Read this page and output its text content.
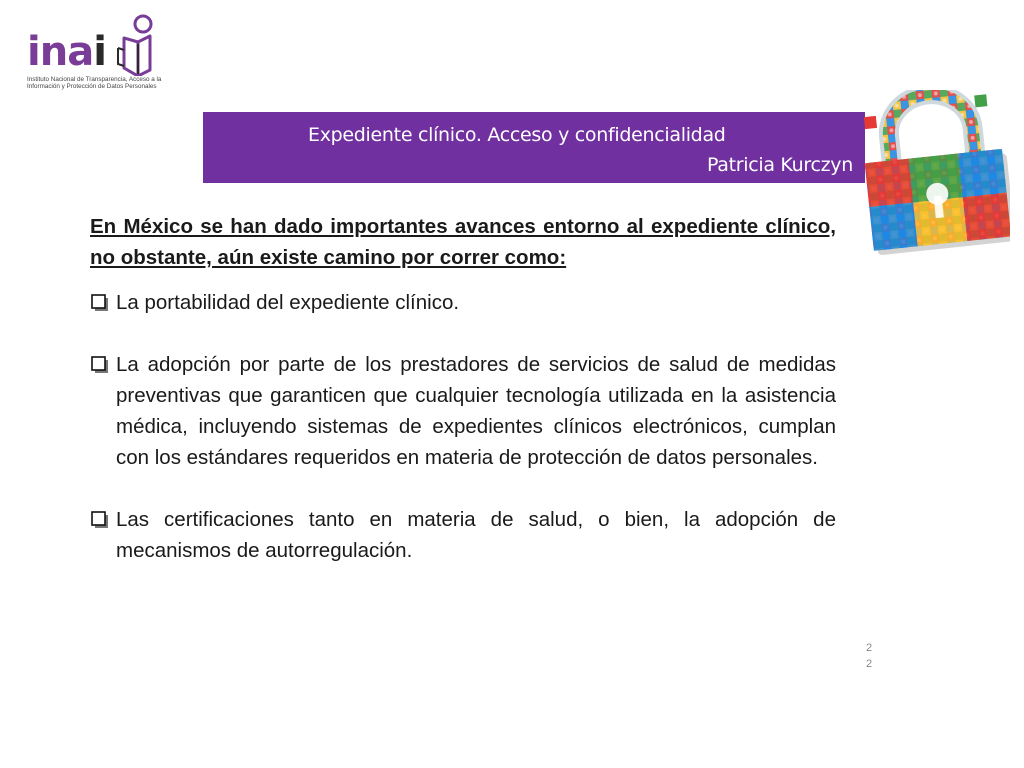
inai
Instituto Nacional de Transparencia, Acceso a la Información y Protección de Datos Personales
Expediente clínico. Acceso y confidencialidad
Patricia Kurczyn

En México se han dado importantes avances entorno al expediente clínico, no obstante, aún existe camino por correr como:

La portabilidad del expediente clínico.
La adopción por parte de los prestadores de servicios de salud de medidas preventivas que garanticen que cualquier tecnología utilizada en la asistencia médica, incluyendo sistemas de expedientes clínicos electrónicos, cumplan con los estándares requeridos en materia de protección de datos personales.
Las certificaciones tanto en materia de salud, o bien, la adopción de mecanismos de autorregulación.
2 2
